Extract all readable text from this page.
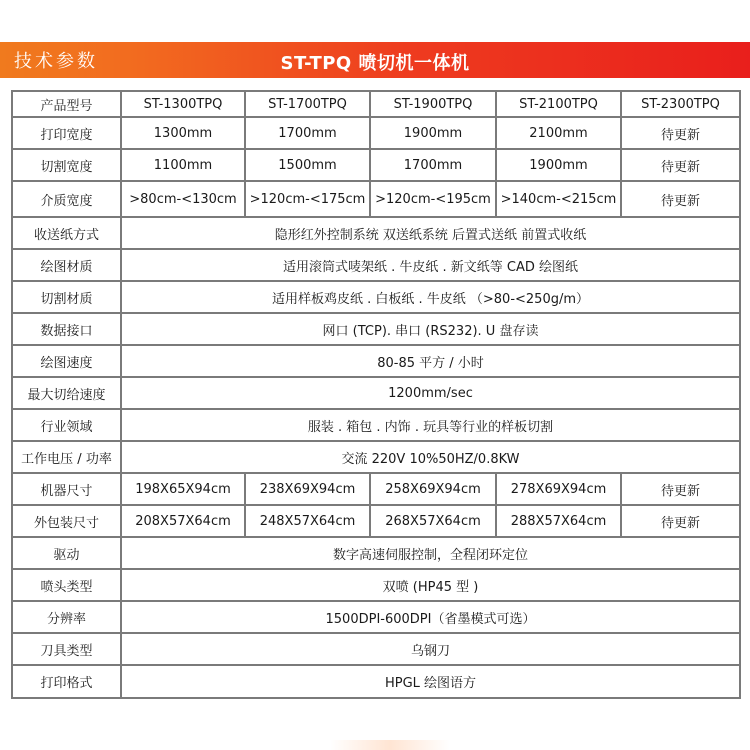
技术参数	ST-TPQ 喷切机一体机
产品型号	ST-1300TPQ	ST-1700TPQ	ST-1900TPQ	ST-2100TPQ	ST-2300TPQ
打印宽度	1300mm	1700mm	1900mm	2100mm	待更新
切割宽度	1100mm	1500mm	1700mm	1900mm	待更新
介质宽度	>80cm-<130cm	>120cm-<175cm	>120cm-<195cm	>140cm-<215cm	待更新
收送纸方式	隐形红外控制系统 双送纸系统 后置式送纸 前置式收纸				
绘图材质	适用滚筒式唛架纸 . 牛皮纸 . 新文纸等 CAD 绘图纸				
切割材质	适用样板鸡皮纸 . 白板纸 . 牛皮纸 （>80-<250g/m）				
数据接口	网口 (TCP). 串口 (RS232). U 盘存读				
绘图速度	80-85 平方 / 小时				
最大切给速度	1200mm/sec				
行业领域	服装 . 箱包 . 内饰 . 玩具等行业的样板切割				
工作电压 / 功率	交流 220V 10%50HZ/0.8KW				
机器尺寸	198X65X94cm	238X69X94cm	258X69X94cm	278X69X94cm	待更新
外包装尺寸	208X57X64cm	248X57X64cm	268X57X64cm	288X57X64cm	待更新
驱动	数字高速伺服控制，全程闭环定位				
喷头类型	双喷 (HP45 型 )				
分辨率	1500DPI-600DPI（省墨模式可选）				
刀具类型	乌钢刀				
打印格式	HPGL 绘图语方				
